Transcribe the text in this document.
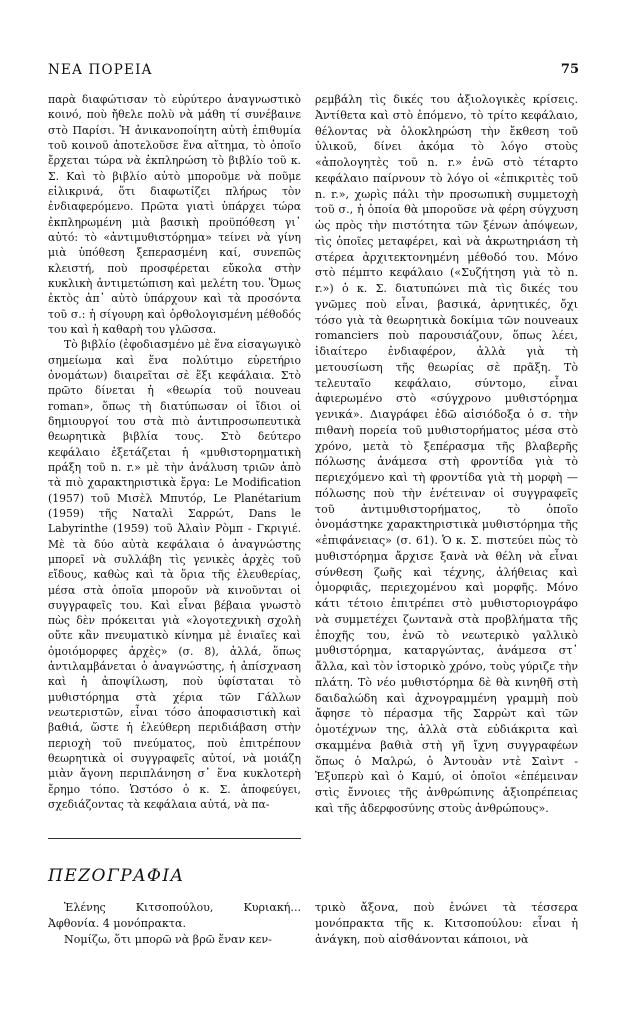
ΝΕΑ ΠΟΡΕΙΑ	75

παρὰ διαφώτισαν τὸ εὐρύτερο ἀναγνωστικὸ κοινό, ποὺ ἤθελε πολὺ νὰ μάθη τί συνέβαινε στὸ Παρίσι. Ἡ ἀνικανοποίητη αὐτὴ ἐπιθυμία τοῦ κοινοῦ ἀποτελοῦσε ἕνα αἴτημα, τὸ ὁποῖο ἔρχεται τώρα νὰ ἐκπληρώση τὸ βιβλίο τοῦ κ. Σ. Καὶ τὸ βιβλίο αὐτὸ μποροῦμε νὰ ποῦμε εἰλικρινά, ὅτι διαφωτίζει πλήρως τὸν ἐνδιαφερόμενο. Πρῶτα γιατὶ ὑπάρχει τώρα ἐκπληρωμένη μιὰ βασικὴ προϋπόθεση γι᾽ αὐτό: τὸ «ἀντιμυθιστόρημα» τείνει νὰ γίνη μιὰ ὑπόθεση ξεπερασμένη καί, συνεπῶς κλειστή, ποὺ προσφέρεται εὔκολα στὴν κυκλικὴ ἀντιμετώπιση καὶ μελέτη του. Ὅμως ἐκτὸς ἀπ᾽ αὐτὸ ὑπάρχουν καὶ τὰ προσόντα τοῦ σ.: ἡ σίγουρη καὶ ὀρθολογισμένη μέθοδός του καὶ ἡ καθαρὴ του γλῶσσα.

Τὸ βιβλίο (ἐφοδιασμένο μὲ ἕνα εἰσαγωγικὸ σημείωμα καὶ ἕνα πολύτιμο εὑρετήριο ὀνομάτων) διαιρεῖται σὲ ἕξι κεφάλαια. Στὸ πρῶτο δίνεται ἡ «θεωρία τοῦ nouveau roman», ὅπως τὴ διατύπωσαν οἱ ἴδιοι οἱ δημιουργοί του στὰ πιὸ ἀντιπροσωπευτικὰ θεωρητικὰ βιβλία τους. Στὸ δεύτερο κεφάλαιο ἐξετάζεται ἡ «μυθιστορηματικὴ πράξη τοῦ n. r.» μὲ τὴν ἀνάλυση τριῶν ἀπὸ τὰ πιὸ χαρακτηριστικὰ ἔργα: Le Modification (1957) τοῦ Μισὲλ Μπυτόρ, Le Planétarium (1959) τῆς Ναταλὶ Σαρρώτ, Dans le Labyrinthe (1959) τοῦ Ἀλαὶν Ρὸμπ - Γκριγιέ. Μὲ τὰ δύο αὐτὰ κεφάλαια ὁ ἀναγνώστης μπορεῖ νὰ συλλάβη τὶς γενικὲς ἀρχὲς τοῦ εἴδους, καθὼς καὶ τὰ ὅρια τῆς ἐλευθερίας, μέσα στὰ ὁποῖα μποροῦν νὰ κινοῦνται οἱ συγγραφεῖς του. Καὶ εἶναι βέβαια γνωστὸ πὼς δὲν πρόκειται γιὰ «λογοτεχνικὴ σχολὴ οὔτε κἂν πνευματικὸ κίνημα μὲ ἑνιαῖες καὶ ὁμοιόμορφες ἀρχὲς» (σ. 8), ἀλλά, ὅπως ἀντιλαμβάνεται ὁ ἀναγνώστης, ἡ ἀπίσχναση καὶ ἡ ἀποψίλωση, ποὺ ὑφίσταται τὸ μυθιστόρημα στὰ χέρια τῶν Γάλλων νεωτεριστῶν, εἶναι τόσο ἀποφασιστικὴ καὶ βαθιά, ὥστε ἡ ἐλεύθερη περιδιάβαση στὴν περιοχὴ τοῦ πνεύματος, ποὺ ἐπιτρέπουν θεωρητικὰ οἱ συγγραφεῖς αὐτοί, νὰ μοιάζη μιὰν ἄγονη περιπλάνηση σ᾽ ἕνα κυκλοτερὴ ἔρημο τόπο. Ὡστόσο ὁ κ. Σ. ἀποφεύγει, σχεδιάζοντας τὰ κεφάλαια αὐτά, νὰ πα-

ρεμβάλη τὶς δικές του ἀξιολογικὲς κρίσεις. Ἀντίθετα καὶ στὸ ἑπόμενο, τὸ τρίτο κεφάλαιο, θέλοντας νὰ ὁλοκληρώση τὴν ἔκθεση τοῦ ὑλικοῦ, δίνει ἀκόμα τὸ λόγο στοὺς «ἀπολογητὲς τοῦ n. r.» ἐνῶ στὸ τέταρτο κεφάλαιο παίρνουν τὸ λόγο οἱ «ἐπικριτὲς τοῦ n. r.», χωρὶς πάλι τὴν προσωπικὴ συμμετοχὴ τοῦ σ., ἡ ὁποία θὰ μποροῦσε νὰ φέρη σύγχυση ὡς πρὸς τὴν πιστότητα τῶν ξένων ἀπόψεων, τὶς ὁποῖες μεταφέρει, καὶ νὰ ἀκρωτηριάση τὴ στέρεα ἀρχιτεκτονημένη μέθοδό του. Μόνο στὸ πέμπτο κεφάλαιο («Συζήτηση γιὰ τὸ n. r.») ὁ κ. Σ. διατυπώνει πιὰ τὶς δικές του γνῶμες ποὺ εἶναι, βασικά, ἀρνητικές, ὄχι τόσο γιὰ τὰ θεωρητικὰ δοκίμια τῶν nouveaux romanciers ποὺ παρουσιάζουν, ὅπως λέει, ἰδιαίτερο ἐνδιαφέρον, ἀλλὰ γιὰ τὴ μετουσίωση τῆς θεωρίας σὲ πρᾶξη. Τὸ τελευταῖο κεφάλαιο, σύντομο, εἶναι ἀφιερωμένο στὸ «σύγχρονο μυθιστόρημα γενικά». Διαγράφει ἐδῶ αἰσιόδοξα ὁ σ. τὴν πιθανὴ πορεία τοῦ μυθιστορήματος μέσα στὸ χρόνο, μετὰ τὸ ξεπέρασμα τῆς βλαβερῆς πόλωσης ἀνάμεσα στὴ φροντίδα γιὰ τὸ περιεχόμενο καὶ τὴ φροντίδα γιὰ τὴ μορφὴ — πόλωσης ποὺ τὴν ἐνέτειναν οἱ συγγραφεῖς τοῦ ἀντιμυθιστορήματος, τὸ ὁποῖο ὀνομάστηκε χαρακτηριστικὰ μυθιστόρημα τῆς «ἐπιφάνειας» (σ. 61). Ὁ κ. Σ. πιστεύει πὼς τὸ μυθιστόρημα ἄρχισε ξανὰ νὰ θέλη νὰ εἶναι σύνθεση ζωῆς καὶ τέχνης, ἀλήθειας καὶ ὁμορφιᾶς, περιεχομένου καὶ μορφῆς. Μόνο κάτι τέτοιο ἐπιτρέπει στὸ μυθιστοριογράφο νὰ συμμετέχει ζωντανὰ στὰ προβλήματα τῆς ἐποχῆς του, ἐνῶ τὸ νεωτερικὸ γαλλικὸ μυθιστόρημα, καταργώντας, ἀνάμεσα στ᾽ ἄλλα, καὶ τὸν ἱστορικὸ χρόνο, τοὺς γύριζε τὴν πλάτη. Τὸ νέο μυθιστόρημα δὲ θὰ κινηθῆ στὴ δαιδαλώδη καὶ ἀχνογραμμένη γραμμὴ ποὺ ἄφησε τὸ πέρασμα τῆς Σαρρὼτ καὶ τῶν ὁμοτέχνων της, ἀλλὰ στὰ εὐδιάκριτα καὶ σκαμμένα βαθιὰ στὴ γῆ ἴχνη συγγραφέων ὅπως ὁ Μαλρώ, ὁ Ἀντουὰν ντὲ Σαὶντ - Ἐξυπερὺ καὶ ὁ Καμύ, οἱ ὁποῖοι «ἐπέμειναν στὶς ἔννοιες τῆς ἀνθρώπινης ἀξιοπρέπειας καὶ τῆς ἀδερφοσύνης στοὺς ἀνθρώπους».

ΠΕΖΟΓΡΑΦΙΑ

Ἑλένης Κιτσοπούλου, Κυριακή... Ἀφθονία. 4 μονόπρακτα.

Νομίζω, ὅτι μπορῶ νὰ βρῶ ἕναν κεν-

τρικὸ ἄξονα, ποὺ ἑνώνει τὰ τέσσερα μονόπρακτα τῆς κ. Κιτσοπούλου: εἶναι ἡ ἀνάγκη, ποὺ αἰσθάνονται κάποιοι, νὰ
